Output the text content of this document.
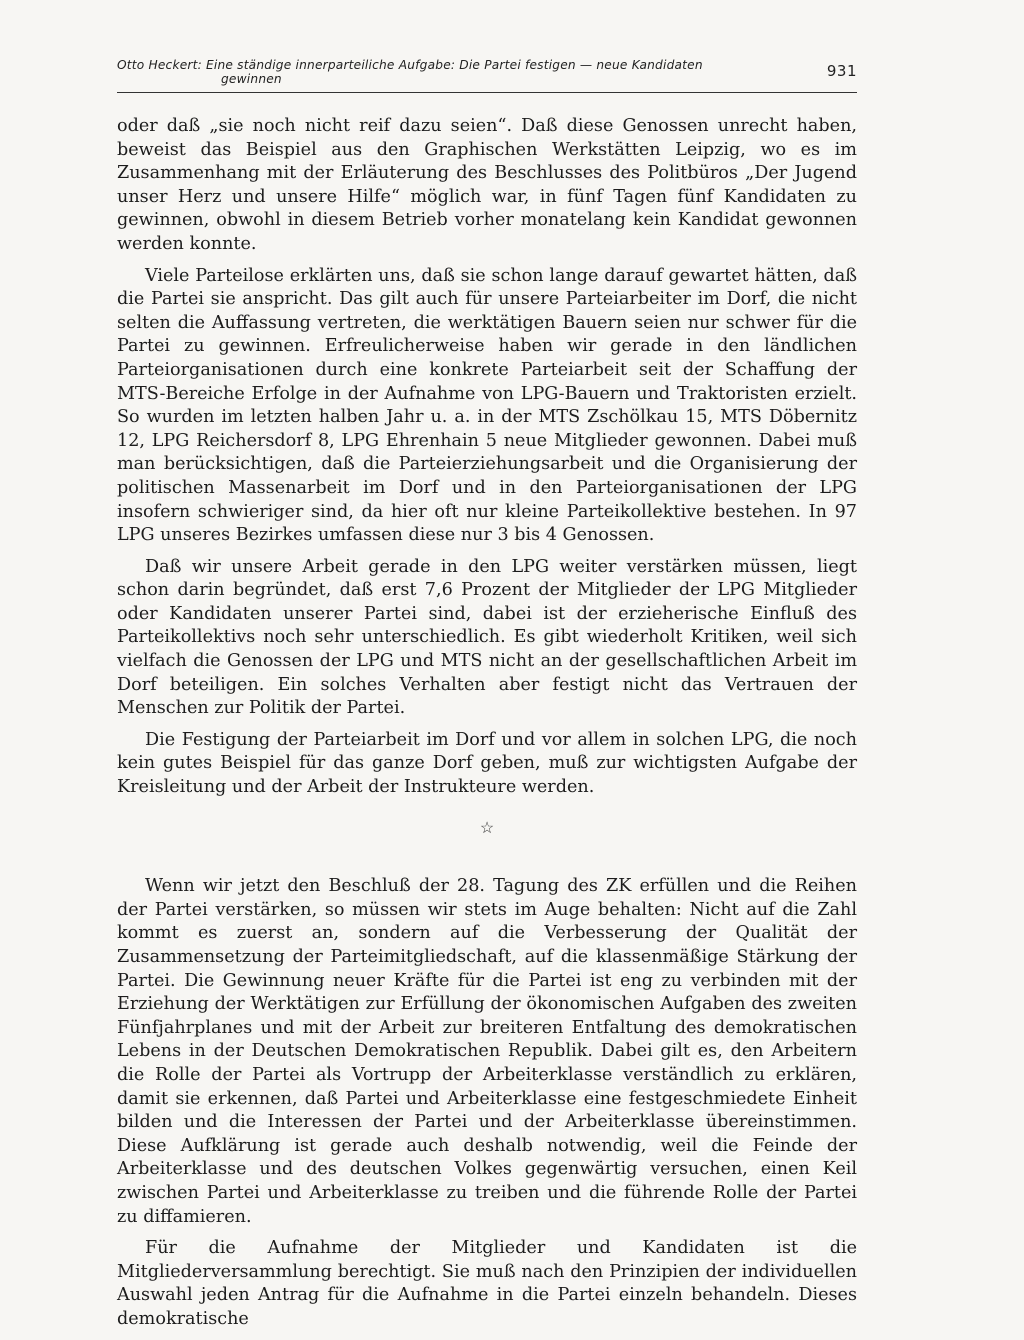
Otto Heckert: Eine ständige innerparteiliche Aufgabe: Die Partei festigen — neue Kandidaten
gewinnen	931

oder daß „sie noch nicht reif dazu seien“. Daß diese Genossen unrecht haben, beweist das Beispiel aus den Graphischen Werkstätten Leipzig, wo es im Zusammenhang mit der Erläuterung des Beschlusses des Politbüros „Der Jugend unser Herz und unsere Hilfe“ möglich war, in fünf Tagen fünf Kandidaten zu gewinnen, obwohl in diesem Betrieb vorher monatelang kein Kandidat gewonnen werden konnte.

Viele Parteilose erklärten uns, daß sie schon lange darauf gewartet hätten, daß die Partei sie anspricht. Das gilt auch für unsere Parteiarbeiter im Dorf, die nicht selten die Auffassung vertreten, die werktätigen Bauern seien nur schwer für die Partei zu gewinnen. Erfreulicherweise haben wir gerade in den ländlichen Parteiorganisationen durch eine konkrete Parteiarbeit seit der Schaffung der MTS-Bereiche Erfolge in der Aufnahme von LPG-Bauern und Traktoristen erzielt. So wurden im letzten halben Jahr u. a. in der MTS Zschölkau 15, MTS Döbernitz 12, LPG Reichersdorf 8, LPG Ehrenhain 5 neue Mitglieder gewonnen. Dabei muß man berücksichtigen, daß die Parteierziehungsarbeit und die Organisierung der politischen Massenarbeit im Dorf und in den Parteiorganisationen der LPG insofern schwieriger sind, da hier oft nur kleine Parteikollektive bestehen. In 97 LPG unseres Bezirkes umfassen diese nur 3 bis 4 Genossen.

Daß wir unsere Arbeit gerade in den LPG weiter verstärken müssen, liegt schon darin begründet, daß erst 7,6 Prozent der Mitglieder der LPG Mitglieder oder Kandidaten unserer Partei sind, dabei ist der erzieherische Einfluß des Parteikollektivs noch sehr unterschiedlich. Es gibt wiederholt Kritiken, weil sich vielfach die Genossen der LPG und MTS nicht an der gesellschaftlichen Arbeit im Dorf beteiligen. Ein solches Verhalten aber festigt nicht das Vertrauen der Menschen zur Politik der Partei.

Die Festigung der Parteiarbeit im Dorf und vor allem in solchen LPG, die noch kein gutes Beispiel für das ganze Dorf geben, muß zur wichtigsten Aufgabe der Kreisleitung und der Arbeit der Instrukteure werden.

☆

Wenn wir jetzt den Beschluß der 28. Tagung des ZK erfüllen und die Reihen der Partei verstärken, so müssen wir stets im Auge behalten: Nicht auf die Zahl kommt es zuerst an, sondern auf die Verbesserung der Qualität der Zusammensetzung der Parteimitgliedschaft, auf die klassenmäßige Stärkung der Partei. Die Gewinnung neuer Kräfte für die Partei ist eng zu verbinden mit der Erziehung der Werktätigen zur Erfüllung der ökonomischen Aufgaben des zweiten Fünfjahrplanes und mit der Arbeit zur breiteren Entfaltung des demokratischen Lebens in der Deutschen Demokratischen Republik. Dabei gilt es, den Arbeitern die Rolle der Partei als Vortrupp der Arbeiterklasse verständlich zu erklären, damit sie erkennen, daß Partei und Arbeiterklasse eine festgeschmiedete Einheit bilden und die Interessen der Partei und der Arbeiterklasse übereinstimmen. Diese Aufklärung ist gerade auch deshalb notwendig, weil die Feinde der Arbeiterklasse und des deutschen Volkes gegenwärtig versuchen, einen Keil zwischen Partei und Arbeiterklasse zu treiben und die führende Rolle der Partei zu diffamieren.

Für die Aufnahme der Mitglieder und Kandidaten ist die Mitgliederversammlung berechtigt. Sie muß nach den Prinzipien der individuellen Auswahl jeden Antrag für die Aufnahme in die Partei einzeln behandeln. Dieses demokratische
